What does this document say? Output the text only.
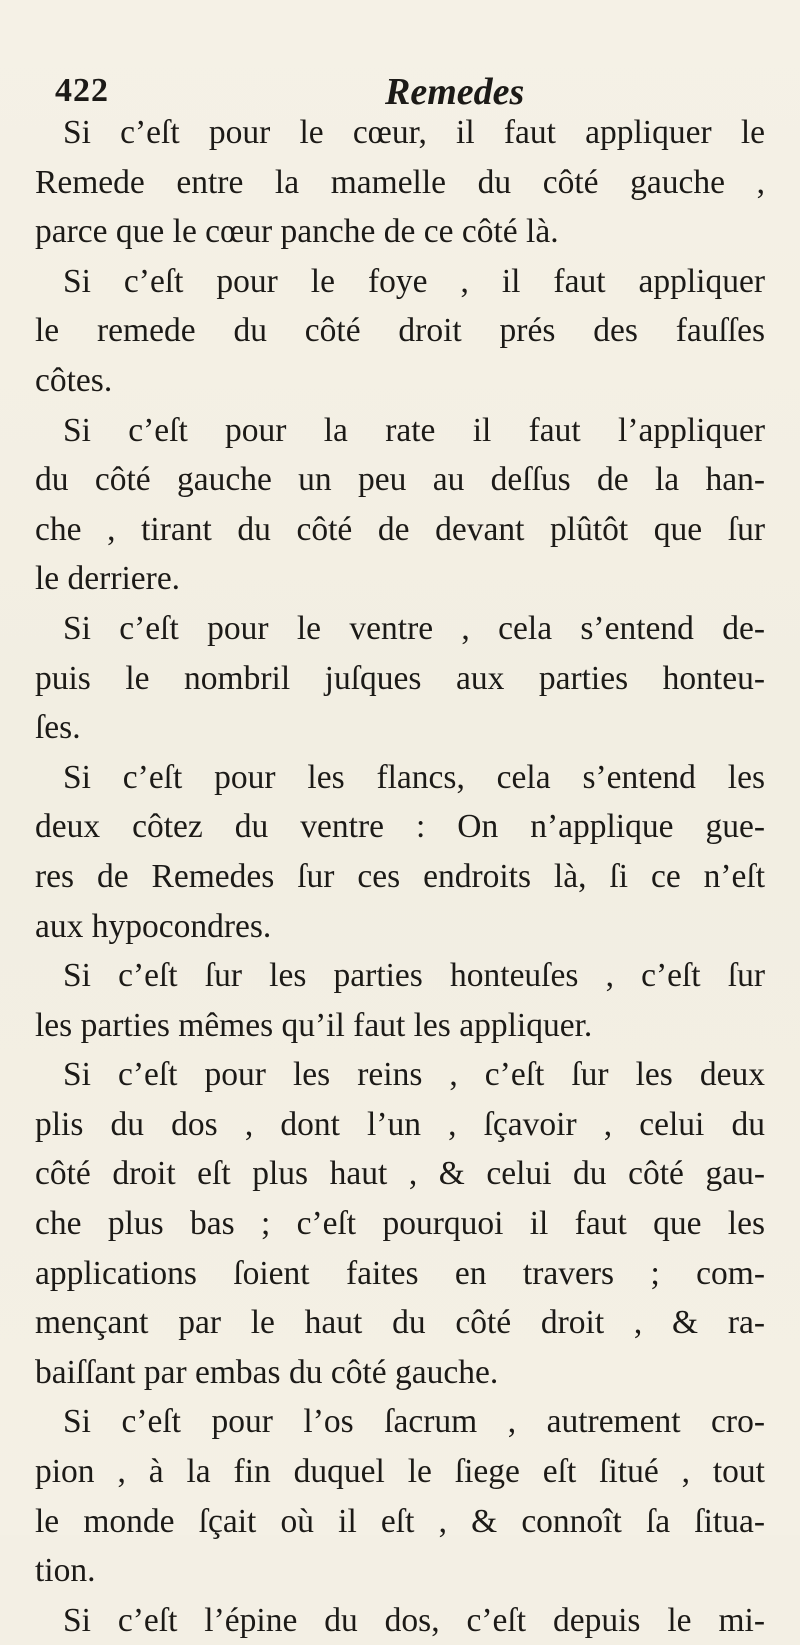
422	Remedes
Si c’eſt pour le cœur, il faut appliquer le
Remede entre la mamelle du côté gauche ,
parce que le cœur panche de ce côté là.
Si c’eſt pour le foye , il faut appliquer
le remede du côté droit prés des fauſſes
côtes.
Si c’eſt pour la rate il faut l’appliquer
du côté gauche un peu au deſſus de la han-
che , tirant du côté de devant plûtôt que ſur
le derriere.
Si c’eſt pour le ventre , cela s’entend de-
puis le nombril juſques aux parties honteu-
ſes.
Si c’eſt pour les flancs, cela s’entend les
deux côtez du ventre : On n’applique gue-
res de Remedes ſur ces endroits là, ſi ce n’eſt
aux hypocondres.
Si c’eſt ſur les parties honteuſes , c’eſt ſur
les parties mêmes qu’il faut les appliquer.
Si c’eſt pour les reins , c’eſt ſur les deux
plis du dos , dont l’un , ſçavoir , celui du
côté droit eſt plus haut , & celui du côté gau-
che plus bas ; c’eſt pourquoi il faut que les
applications ſoient faites en travers ; com-
mençant par le haut du côté droit , & ra-
baiſſant par embas du côté gauche.
Si c’eſt pour l’os ſacrum , autrement cro-
pion , à la fin duquel le ſiege eſt ſitué , tout
le monde ſçait où il eſt , & connoît ſa ſitua-
tion.
Si c’eſt l’épine du dos, c’eſt depuis le mi-
